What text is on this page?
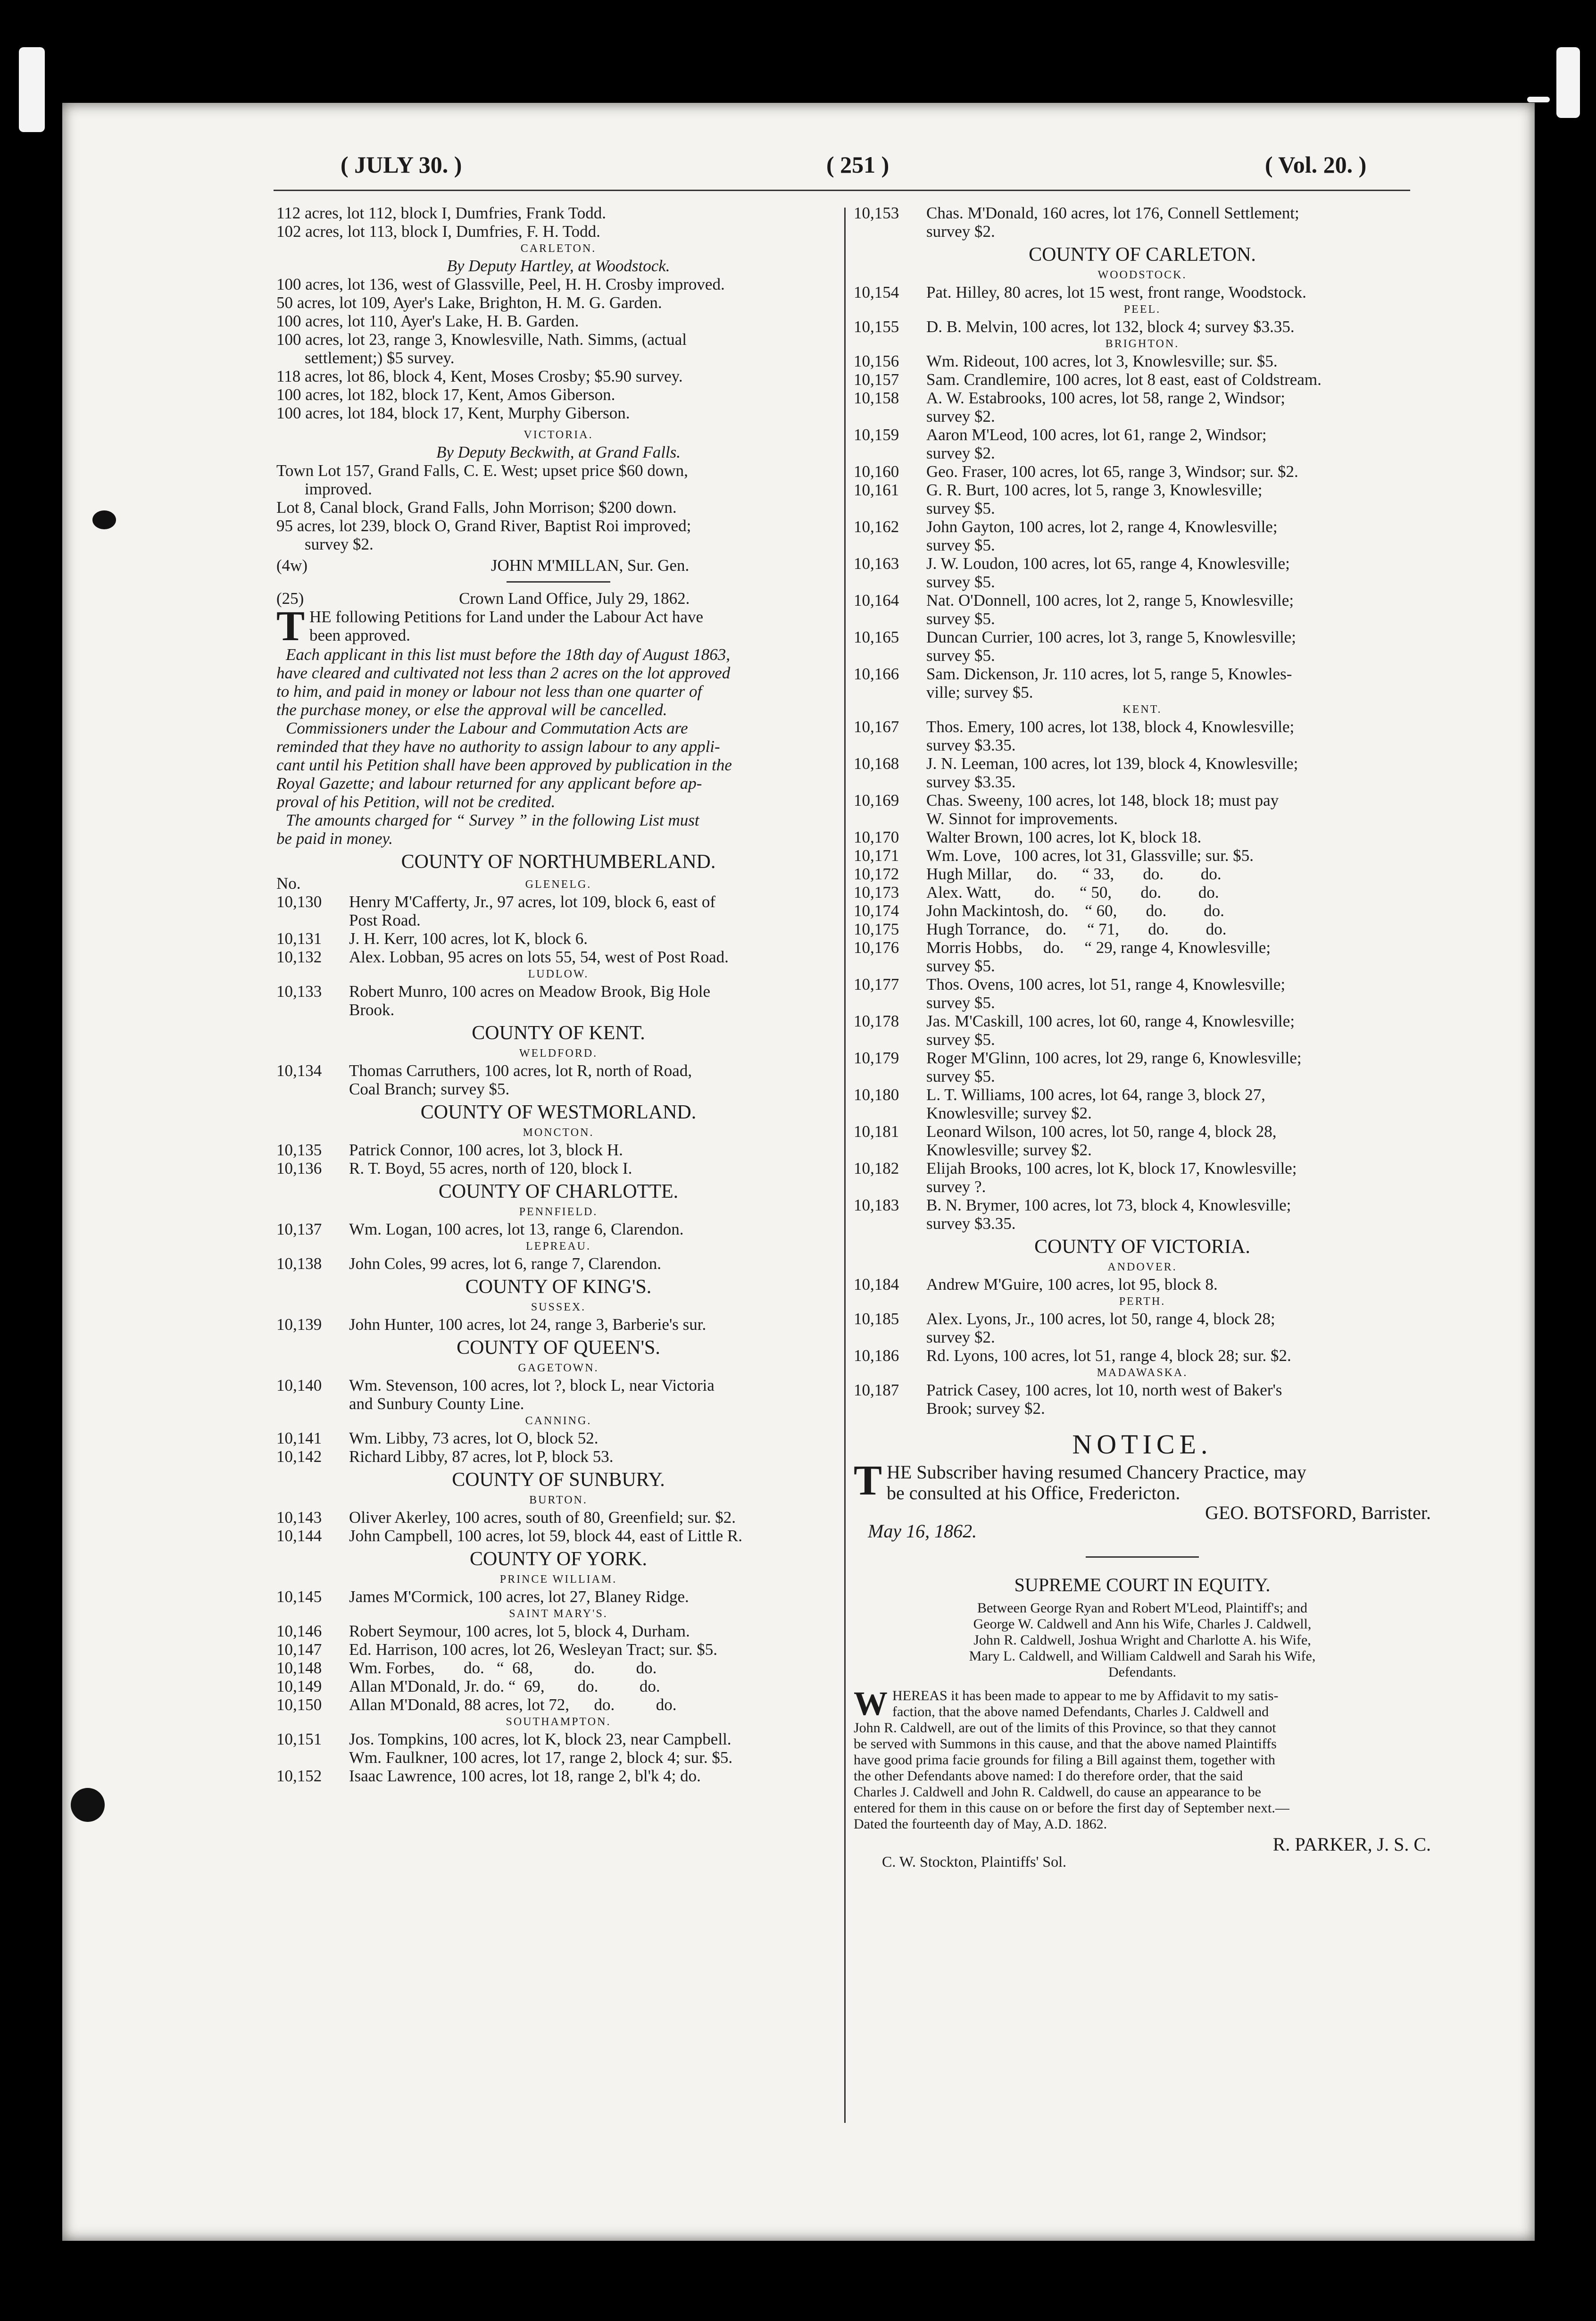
( JULY 30. )	( 251 )	( Vol. 20. )
112 acres, lot 112, block I, Dumfries, Frank Todd.
102 acres, lot 113, block I, Dumfries, F. H. Todd.
CARLETON.
By Deputy Hartley, at Woodstock.
100 acres, lot 136, west of Glassville, Peel, H. H. Crosby improved.
50 acres, lot 109, Ayer's Lake, Brighton, H. M. G. Garden.
100 acres, lot 110, Ayer's Lake, H. B. Garden.
100 acres, lot 23, range 3, Knowlesville, Nath. Simms, (actual
settlement;) $5 survey.
118 acres, lot 86, block 4, Kent, Moses Crosby; $5.90 survey.
100 acres, lot 182, block 17, Kent, Amos Giberson.
100 acres, lot 184, block 17, Kent, Murphy Giberson.
VICTORIA.
By Deputy Beckwith, at Grand Falls.
Town Lot 157, Grand Falls, C. E. West; upset price $60 down,
improved.
Lot 8, Canal block, Grand Falls, John Morrison; $200 down.
95 acres, lot 239, block O, Grand River, Baptist Roi improved;
survey $2.
(4w)	JOHN M'MILLAN, Sur. Gen.
(25)	Crown Land Office, July 29, 1862.
T HE following Petitions for Land under the Labour Act have
been approved.
Each applicant in this list must before the 18th day of August 1863,
have cleared and cultivated not less than 2 acres on the lot approved
to him, and paid in money or labour not less than one quarter of
the purchase money, or else the approval will be cancelled.
Commissioners under the Labour and Commutation Acts are
reminded that they have no authority to assign labour to any appli-
cant until his Petition shall have been approved by publication in the
Royal Gazette; and labour returned for any applicant before ap-
proval of his Petition, will not be credited.
The amounts charged for “ Survey ” in the following List must
be paid in money.
COUNTY OF NORTHUMBERLAND.
No.	GLENELG.
10,130	Henry M'Cafferty, Jr., 97 acres, lot 109, block 6, east of
Post Road.
10,131	J. H. Kerr, 100 acres, lot K, block 6.
10,132	Alex. Lobban, 95 acres on lots 55, 54, west of Post Road.
LUDLOW.
10,133	Robert Munro, 100 acres on Meadow Brook, Big Hole
Brook.
COUNTY OF KENT.
WELDFORD.
10,134	Thomas Carruthers, 100 acres, lot R, north of Road,
Coal Branch; survey $5.
COUNTY OF WESTMORLAND.
MONCTON.
10,135	Patrick Connor, 100 acres, lot 3, block H.
10,136	R. T. Boyd, 55 acres, north of 120, block I.
COUNTY OF CHARLOTTE.
PENNFIELD.
10,137	Wm. Logan, 100 acres, lot 13, range 6, Clarendon.
LEPREAU.
10,138	John Coles, 99 acres, lot 6, range 7, Clarendon.
COUNTY OF KING'S.
SUSSEX.
10,139	John Hunter, 100 acres, lot 24, range 3, Barberie's sur.
COUNTY OF QUEEN'S.
GAGETOWN.
10,140	Wm. Stevenson, 100 acres, lot ?, block L, near Victoria
and Sunbury County Line.
CANNING.
10,141	Wm. Libby, 73 acres, lot O, block 52.
10,142	Richard Libby, 87 acres, lot P, block 53.
COUNTY OF SUNBURY.
BURTON.
10,143	Oliver Akerley, 100 acres, south of 80, Greenfield; sur. $2.
10,144	John Campbell, 100 acres, lot 59, block 44, east of Little R.
COUNTY OF YORK.
PRINCE WILLIAM.
10,145	James M'Cormick, 100 acres, lot 27, Blaney Ridge.
SAINT MARY'S.
10,146	Robert Seymour, 100 acres, lot 5, block 4, Durham.
10,147	Ed. Harrison, 100 acres, lot 26, Wesleyan Tract; sur. $5.
10,148	Wm. Forbes,       do.   “  68,          do.          do.
10,149	Allan M'Donald, Jr. do. “  69,        do.          do.
10,150	Allan M'Donald, 88 acres, lot 72,      do.          do.
SOUTHAMPTON.
10,151	Jos. Tompkins, 100 acres, lot K, block 23, near Campbell.
Wm. Faulkner, 100 acres, lot 17, range 2, block 4; sur. $5.
10,152	Isaac Lawrence, 100 acres, lot 18, range 2, bl'k 4; do.
10,153	Chas. M'Donald, 160 acres, lot 176, Connell Settlement;
survey $2.
COUNTY OF CARLETON.
WOODSTOCK.
10,154	Pat. Hilley, 80 acres, lot 15 west, front range, Woodstock.
PEEL.
10,155	D. B. Melvin, 100 acres, lot 132, block 4; survey $3.35.
BRIGHTON.
10,156	Wm. Rideout, 100 acres, lot 3, Knowlesville; sur. $5.
10,157	Sam. Crandlemire, 100 acres, lot 8 east, east of Coldstream.
10,158	A. W. Estabrooks, 100 acres, lot 58, range 2, Windsor;
survey $2.
10,159	Aaron M'Leod, 100 acres, lot 61, range 2, Windsor;
survey $2.
10,160	Geo. Fraser, 100 acres, lot 65, range 3, Windsor; sur. $2.
10,161	G. R. Burt, 100 acres, lot 5, range 3, Knowlesville;
survey $5.
10,162	John Gayton, 100 acres, lot 2, range 4, Knowlesville;
survey $5.
10,163	J. W. Loudon, 100 acres, lot 65, range 4, Knowlesville;
survey $5.
10,164	Nat. O'Donnell, 100 acres, lot 2, range 5, Knowlesville;
survey $5.
10,165	Duncan Currier, 100 acres, lot 3, range 5, Knowlesville;
survey $5.
10,166	Sam. Dickenson, Jr. 110 acres, lot 5, range 5, Knowles-
ville; survey $5.
KENT.
10,167	Thos. Emery, 100 acres, lot 138, block 4, Knowlesville;
survey $3.35.
10,168	J. N. Leeman, 100 acres, lot 139, block 4, Knowlesville;
survey $3.35.
10,169	Chas. Sweeny, 100 acres, lot 148, block 18; must pay
W. Sinnot for improvements.
10,170	Walter Brown, 100 acres, lot K, block 18.
10,171	Wm. Love,   100 acres, lot 31, Glassville; sur. $5.
10,172	Hugh Millar,      do.      “ 33,       do.         do.
10,173	Alex. Watt,        do.      “ 50,       do.         do.
10,174	John Mackintosh, do.    “ 60,       do.         do.
10,175	Hugh Torrance,    do.     “ 71,       do.         do.
10,176	Morris Hobbs,     do.     “ 29, range 4, Knowlesville;
survey $5.
10,177	Thos. Ovens, 100 acres, lot 51, range 4, Knowlesville;
survey $5.
10,178	Jas. M'Caskill, 100 acres, lot 60, range 4, Knowlesville;
survey $5.
10,179	Roger M'Glinn, 100 acres, lot 29, range 6, Knowlesville;
survey $5.
10,180	L. T. Williams, 100 acres, lot 64, range 3, block 27,
Knowlesville; survey $2.
10,181	Leonard Wilson, 100 acres, lot 50, range 4, block 28,
Knowlesville; survey $2.
10,182	Elijah Brooks, 100 acres, lot K, block 17, Knowlesville;
survey ?.
10,183	B. N. Brymer, 100 acres, lot 73, block 4, Knowlesville;
survey $3.35.
COUNTY OF VICTORIA.
ANDOVER.
10,184	Andrew M'Guire, 100 acres, lot 95, block 8.
PERTH.
10,185	Alex. Lyons, Jr., 100 acres, lot 50, range 4, block 28;
survey $2.
10,186	Rd. Lyons, 100 acres, lot 51, range 4, block 28; sur. $2.
MADAWASKA.
10,187	Patrick Casey, 100 acres, lot 10, north west of Baker's
Brook; survey $2.
NOTICE.
T HE Subscriber having resumed Chancery Practice, may
be consulted at his Office, Fredericton.
GEO. BOTSFORD, Barrister.
May 16, 1862.
SUPREME COURT IN EQUITY.
Between George Ryan and Robert M'Leod, Plaintiff's; and
George W. Caldwell and Ann his Wife, Charles J. Caldwell,
John R. Caldwell, Joshua Wright and Charlotte A. his Wife,
Mary L. Caldwell, and William Caldwell and Sarah his Wife,
Defendants.
W HEREAS it has been made to appear to me by Affidavit to my satis-
faction, that the above named Defendants, Charles J. Caldwell and
John R. Caldwell, are out of the limits of this Province, so that they cannot
be served with Summons in this cause, and that the above named Plaintiffs
have good prima facie grounds for filing a Bill against them, together with
the other Defendants above named: I do therefore order, that the said
Charles J. Caldwell and John R. Caldwell, do cause an appearance to be
entered for them in this cause on or before the first day of September next.—
Dated the fourteenth day of May, A.D. 1862.
R. PARKER, J. S. C.
C. W. Stockton, Plaintiffs' Sol.
